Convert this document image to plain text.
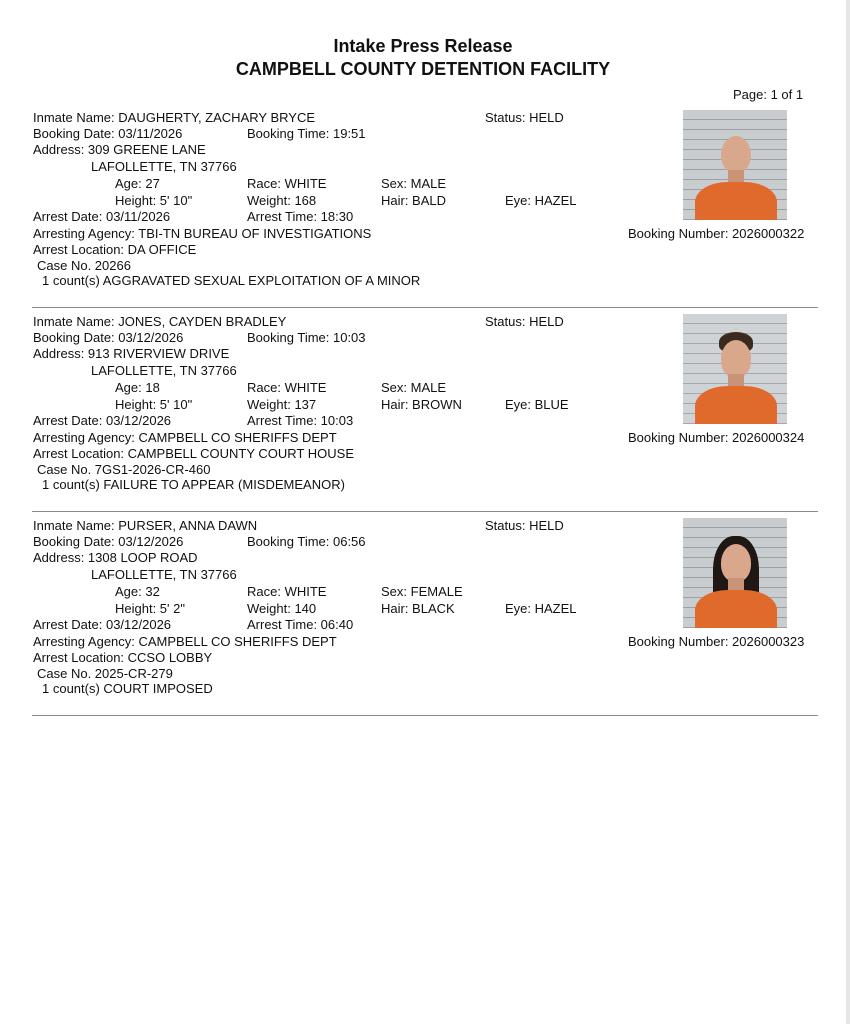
Intake Press Release
CAMPBELL COUNTY DETENTION FACILITY
Page: 1 of 1
Inmate Name: DAUGHERTY, ZACHARY BRYCE	Status: HELD
Booking Date: 03/11/2026	Booking Time: 19:51
Address: 309 GREENE LANE
LAFOLLETTE, TN 37766
Age: 27	Race: WHITE	Sex: MALE
Height: 5' 10"	Weight: 168	Hair: BALD	Eye: HAZEL
Arrest Date: 03/11/2026	Arrest Time: 18:30
Arresting Agency: TBI-TN BUREAU OF INVESTIGATIONS	Booking Number: 2026000322
Arrest Location: DA OFFICE
Case No. 20266
1 count(s) AGGRAVATED SEXUAL EXPLOITATION OF A MINOR
Inmate Name: JONES, CAYDEN BRADLEY	Status: HELD
Booking Date: 03/12/2026	Booking Time: 10:03
Address: 913 RIVERVIEW DRIVE
LAFOLLETTE, TN 37766
Age: 18	Race: WHITE	Sex: MALE
Height: 5' 10"	Weight: 137	Hair: BROWN	Eye: BLUE
Arrest Date: 03/12/2026	Arrest Time: 10:03
Arresting Agency: CAMPBELL CO SHERIFFS DEPT	Booking Number: 2026000324
Arrest Location: CAMPBELL COUNTY COURT HOUSE
Case No. 7GS1-2026-CR-460
1 count(s) FAILURE TO APPEAR (MISDEMEANOR)
Inmate Name: PURSER, ANNA DAWN	Status: HELD
Booking Date: 03/12/2026	Booking Time: 06:56
Address: 1308 LOOP ROAD
LAFOLLETTE, TN 37766
Age: 32	Race: WHITE	Sex: FEMALE
Height: 5' 2"	Weight: 140	Hair: BLACK	Eye: HAZEL
Arrest Date: 03/12/2026	Arrest Time: 06:40
Arresting Agency: CAMPBELL CO SHERIFFS DEPT	Booking Number: 2026000323
Arrest Location: CCSO LOBBY
Case No. 2025-CR-279
1 count(s) COURT IMPOSED
